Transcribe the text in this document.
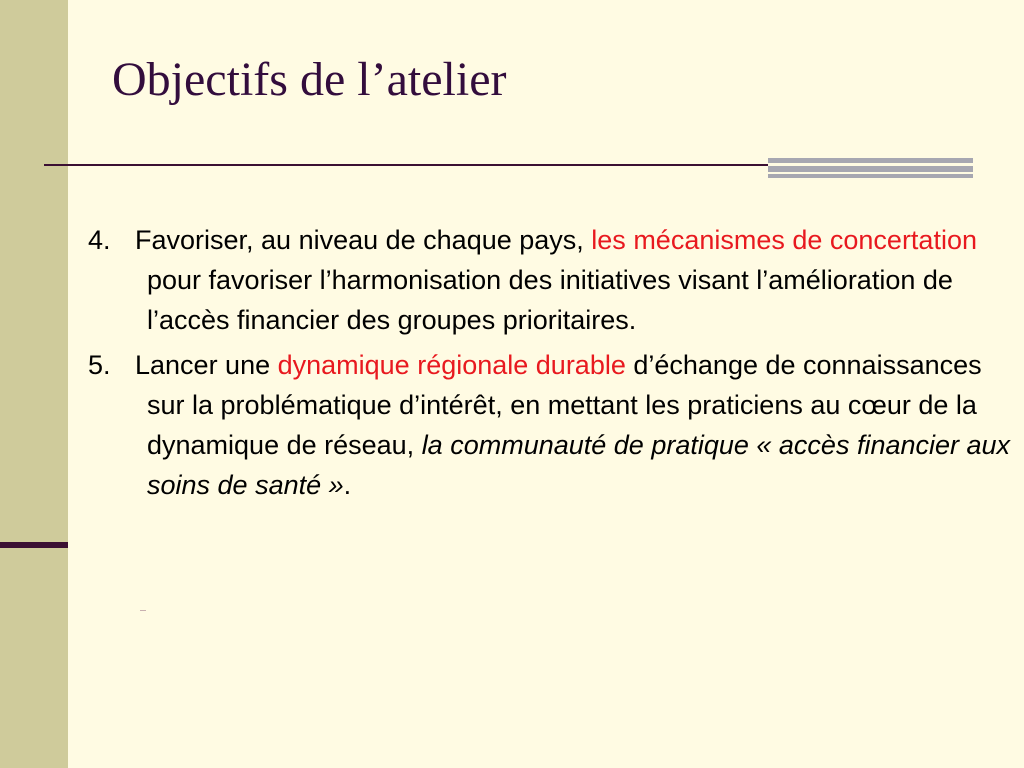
Objectifs de l’atelier

4. Favoriser, au niveau de chaque pays, les mécanismes de concertation pour favoriser l’harmonisation des initiatives visant l’amélioration de l’accès financier des groupes prioritaires.

5. Lancer une dynamique régionale durable d’échange de connaissances sur la problématique d’intérêt, en mettant les praticiens au cœur de la dynamique de réseau, la communauté de pratique « accès financier aux soins de santé ».
